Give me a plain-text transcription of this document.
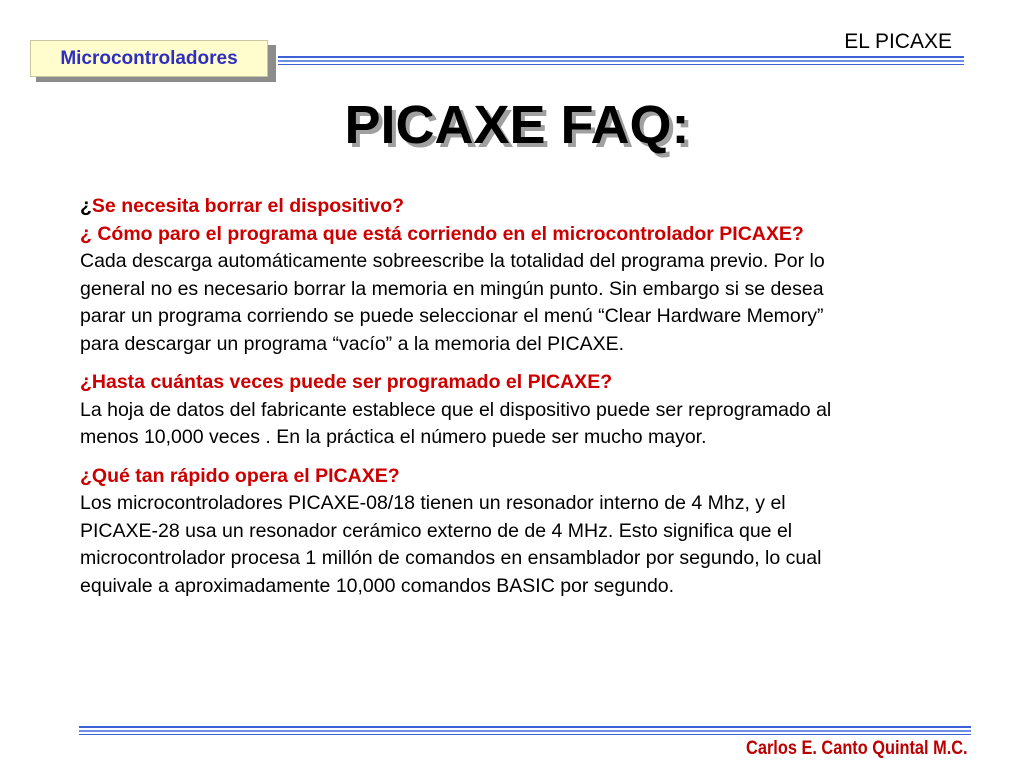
Microcontroladores
EL PICAXE
PICAXE FAQ:
¿Se necesita borrar el dispositivo?
¿ Cómo paro el programa que está corriendo en el microcontrolador PICAXE?
Cada descarga automáticamente sobreescribe la totalidad del programa previo. Por lo
general no es necesario borrar la memoria en mingún punto. Sin embargo si se desea
parar un programa corriendo se puede seleccionar el menú “Clear Hardware Memory”
para descargar un programa “vacío” a la memoria del PICAXE.
¿Hasta cuántas veces puede ser programado el PICAXE?
La hoja de datos del fabricante establece que el dispositivo puede ser reprogramado al
menos 10,000 veces . En la práctica el número puede ser mucho mayor.
¿Qué tan rápido opera el PICAXE?
Los microcontroladores PICAXE-08/18 tienen un resonador interno de 4 Mhz, y el
PICAXE-28 usa un resonador cerámico externo de de 4 MHz. Esto significa que el
microcontrolador procesa 1 millón de comandos en ensamblador por segundo, lo cual
equivale a aproximadamente 10,000 comandos BASIC por segundo.
Carlos E. Canto Quintal M.C.
